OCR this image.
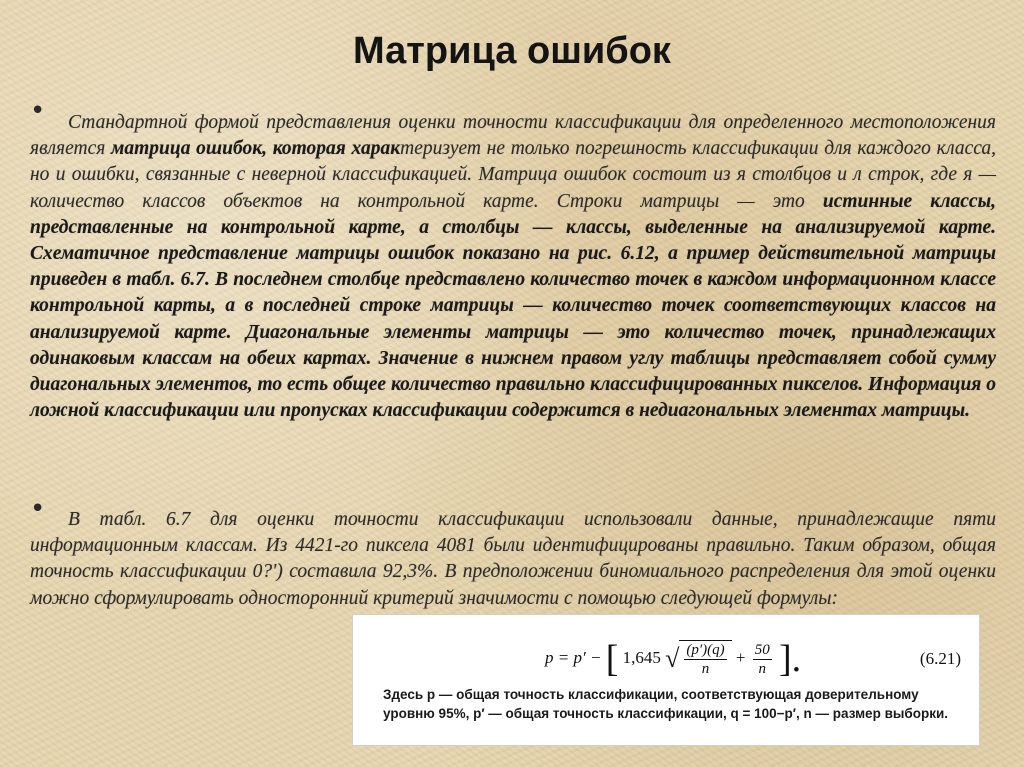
Матрица ошибок
•	Стандартной формой представления оценки точности классификации для определенного местоположения является матрица ошибок, которая характеризует не только погрешность классификации для каждого класса, но и ошибки, связанные с неверной классификацией. Матрица ошибок состоит из я столбцов и л строк, где я — количество классов объектов на контрольной карте. Строки матрицы — это истинные классы, представленные на контрольной карте, а столбцы — классы, выделенные на анализируемой карте. Схематичное представление матрицы ошибок показано на рис. 6.12, а пример действительной матрицы приведен в табл. 6.7. В последнем столбце представлено количество точек в каждом информационном классе контрольной карты, а в последней строке матрицы — количество точек соответствующих классов на анализируемой карте. Диагональные элементы матрицы — это количество точек, принадлежащих одинаковым классам на обеих картах. Значение в нижнем правом углу таблицы представляет собой сумму диагональных элементов, то есть общее количество правильно классифицированных пикселов. Информация о ложной классификации или пропусках классификации содержится в недиагональных элементах матрицы.
•	В табл. 6.7 для оценки точности классификации использовали данные, принадлежащие пяти информационным классам. Из 4421-го пиксела 4081 были идентифицированы правильно. Таким образом, общая точность классификации 0?') составила 92,3%. В предположении биномиального распределения для этой оценки можно сформулировать односторонний критерий значимости с помощью следующей формулы:
p = p′ − [ 1,645 √ $\frac{(p')(q)}{n} + \frac{50}{n}$ ].	(6.21)
Здесь p — общая точность классификации, соответствующая доверительному уровню 95%, p′ — общая точность классификации, q = 100−p′, n — размер выборки.
